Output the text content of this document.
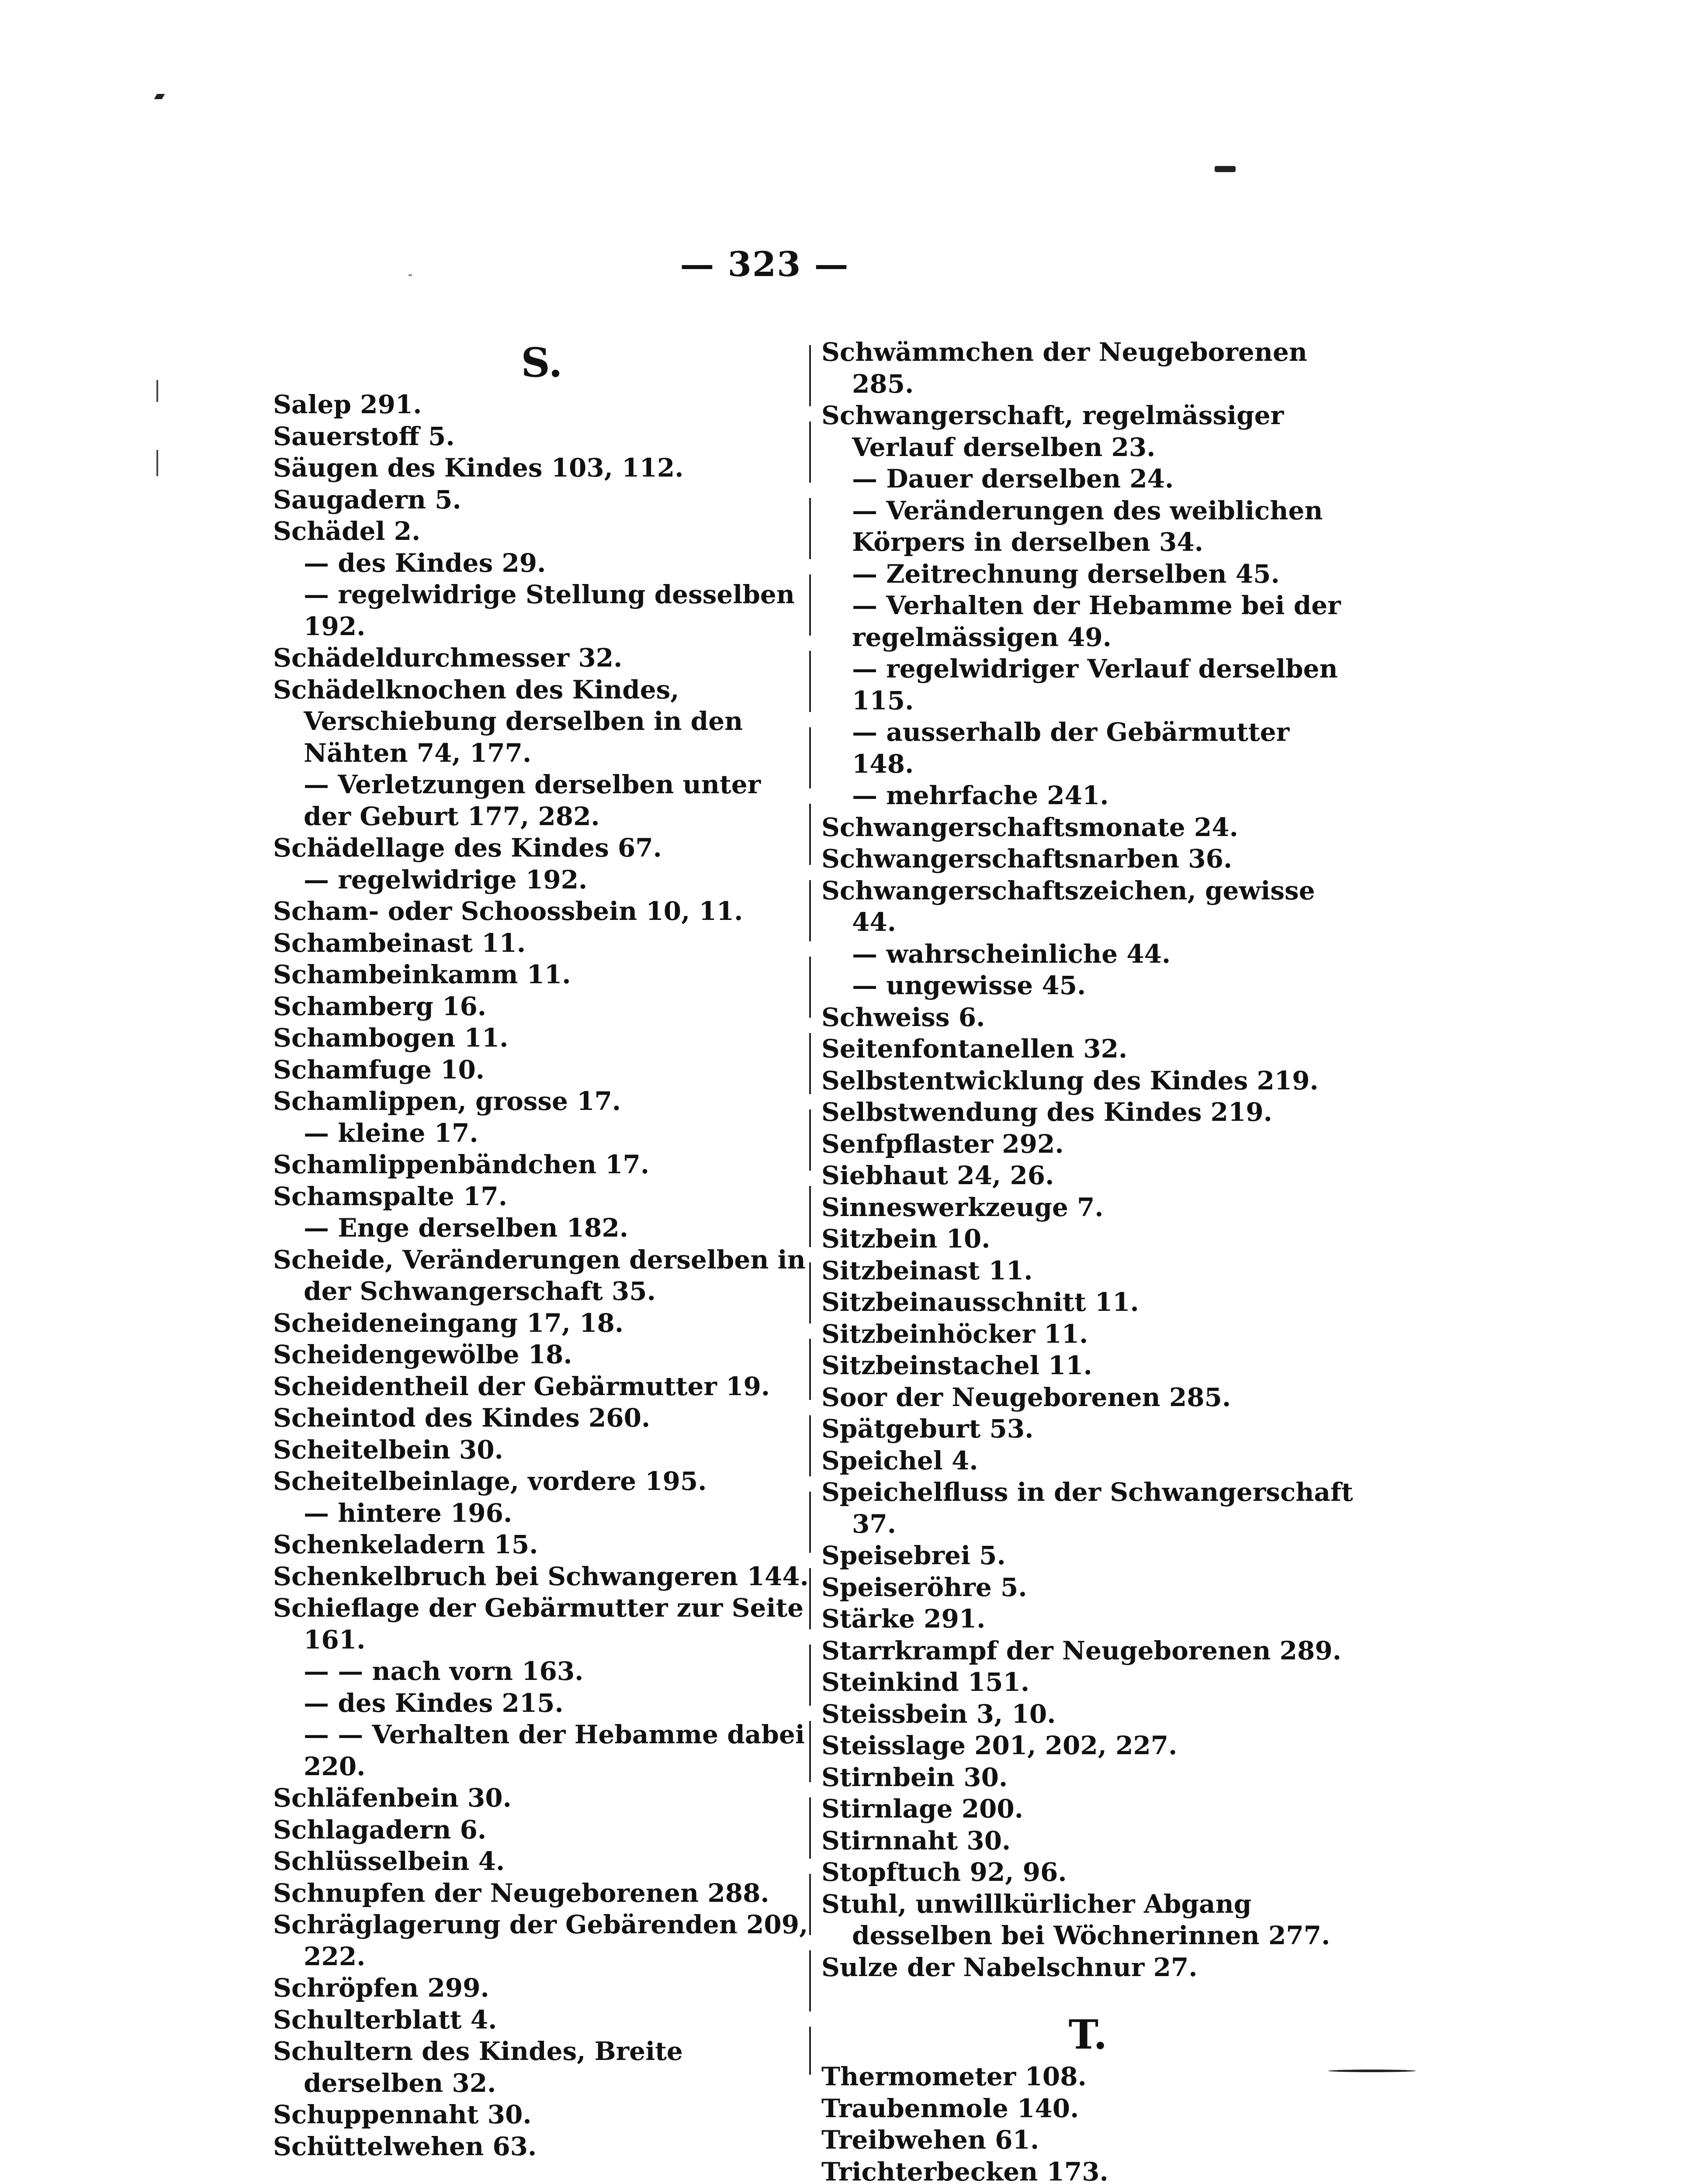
— 323 —
S.

Salep 291.

Sauerstoff 5.

Säugen des Kindes 103, 112.

Saugadern 5.

Schädel 2.

— des Kindes 29.

— regelwidrige Stellung desselben 192.

Schädeldurchmesser 32.

Schädelknochen des Kindes, Verschiebung derselben in den Nähten 74, 177.

— Verletzungen derselben unter der Geburt 177, 282.

Schädellage des Kindes 67.

— regelwidrige 192.

Scham- oder Schoossbein 10, 11.

Schambeinast 11.

Schambeinkamm 11.

Schamberg 16.

Schambogen 11.

Schamfuge 10.

Schamlippen, grosse 17.

— kleine 17.

Schamlippenbändchen 17.

Schamspalte 17.

— Enge derselben 182.

Scheide, Veränderungen derselben in der Schwangerschaft 35.

Scheideneingang 17, 18.

Scheidengewölbe 18.

Scheidentheil der Gebärmutter 19.

Scheintod des Kindes 260.

Scheitelbein 30.

Scheitelbeinlage, vordere 195.

— hintere 196.

Schenkeladern 15.

Schenkelbruch bei Schwangeren 144.

Schieflage der Gebärmutter zur Seite 161.

— — nach vorn 163.

— des Kindes 215.

— — Verhalten der Hebamme dabei 220.

Schläfenbein 30.

Schlagadern 6.

Schlüsselbein 4.

Schnupfen der Neugeborenen 288.

Schräglagerung der Gebärenden 209, 222.

Schröpfen 299.

Schulterblatt 4.

Schultern des Kindes, Breite derselben 32.

Schuppennaht 30.

Schüttelwehen 63.

Schwämmchen der Neugeborenen 285.

Schwangerschaft, regelmässiger Verlauf derselben 23.

— Dauer derselben 24.

— Veränderungen des weiblichen Körpers in derselben 34.

— Zeitrechnung derselben 45.

— Verhalten der Hebamme bei der regelmässigen 49.

— regelwidriger Verlauf derselben 115.

— ausserhalb der Gebärmutter 148.

— mehrfache 241.

Schwangerschaftsmonate 24.

Schwangerschaftsnarben 36.

Schwangerschaftszeichen, gewisse 44.

— wahrscheinliche 44.

— ungewisse 45.

Schweiss 6.

Seitenfontanellen 32.

Selbstentwicklung des Kindes 219.

Selbstwendung des Kindes 219.

Senfpflaster 292.

Siebhaut 24, 26.

Sinneswerkzeuge 7.

Sitzbein 10.

Sitzbeinast 11.

Sitzbeinausschnitt 11.

Sitzbeinhöcker 11.

Sitzbeinstachel 11.

Soor der Neugeborenen 285.

Spätgeburt 53.

Speichel 4.

Speichelfluss in der Schwangerschaft 37.

Speisebrei 5.

Speiseröhre 5.

Stärke 291.

Starrkrampf der Neugeborenen 289.

Steinkind 151.

Steissbein 3, 10.

Steisslage 201, 202, 227.

Stirnbein 30.

Stirnlage 200.

Stirnnaht 30.

Stopftuch 92, 96.

Stuhl, unwillkürlicher Abgang desselben bei Wöchnerinnen 277.

Sulze der Nabelschnur 27.

T.

Thermometer 108.

Traubenmole 140.

Treibwehen 61.

Trichterbecken 173.
